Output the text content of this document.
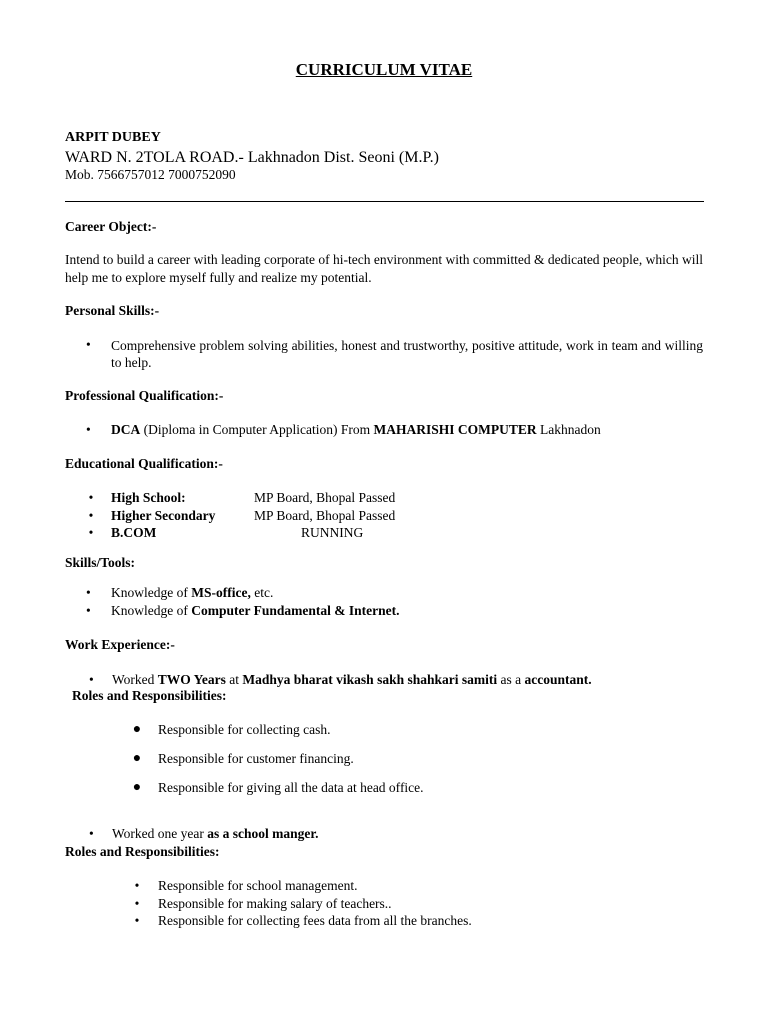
CURRICULUM VITAE
ARPIT DUBEY
WARD N. 2TOLA ROAD.- Lakhnadon Dist. Seoni (M.P.)
Mob. 7566757012 7000752090
Career Object:-
Intend to build a career with leading corporate of hi-tech environment with committed & dedicated people, which will help me to explore myself fully and realize my potential.
Personal Skills:-
• Comprehensive problem solving abilities, honest and trustworthy, positive attitude, work in team and willing to help.
Professional Qualification:-
• DCA (Diploma in Computer Application) From MAHARISHI COMPUTER Lakhnadon
Educational Qualification:-
• High School:	MP Board, Bhopal Passed
• Higher Secondary	MP Board, Bhopal Passed
• B.COM	RUNNING
Skills/Tools:
• Knowledge of MS-office, etc.
• Knowledge of Computer Fundamental & Internet.
Work Experience:-
• Worked TWO Years at Madhya bharat vikash sakh shahkari samiti as a accountant.
Roles and Responsibilities:
● Responsible for collecting cash.
● Responsible for customer financing.
● Responsible for giving all the data at head office.
• Worked one year as a school manger.
Roles and Responsibilities:
• Responsible for school management.
• Responsible for making salary of teachers..
• Responsible for collecting fees data from all the branches.
